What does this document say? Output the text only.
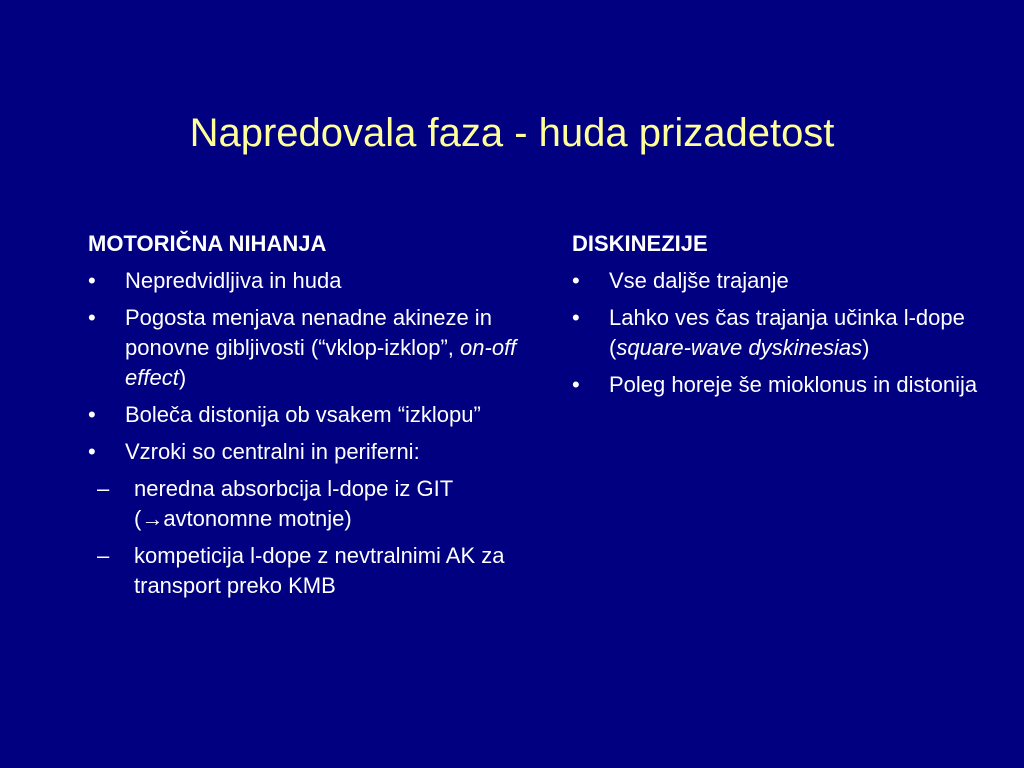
Napredovala faza - huda prizadetost
MOTORIČNA NIHANJA
• Nepredvidljiva in huda
• Pogosta menjava nenadne akineze in ponovne gibljivosti (“vklop-izklop”, on-off effect)
• Boleča distonija ob vsakem “izklopu”
• Vzroki so centralni in periferni:
– neredna absorbcija l-dope iz GIT (→avtonomne motnje)
– kompeticija l-dope z nevtralnimi AK za transport preko KMB
DISKINEZIJE
• Vse daljše trajanje
• Lahko ves čas trajanja učinka l-dope (square-wave dyskinesias)
• Poleg horeje še mioklonus in distonija
